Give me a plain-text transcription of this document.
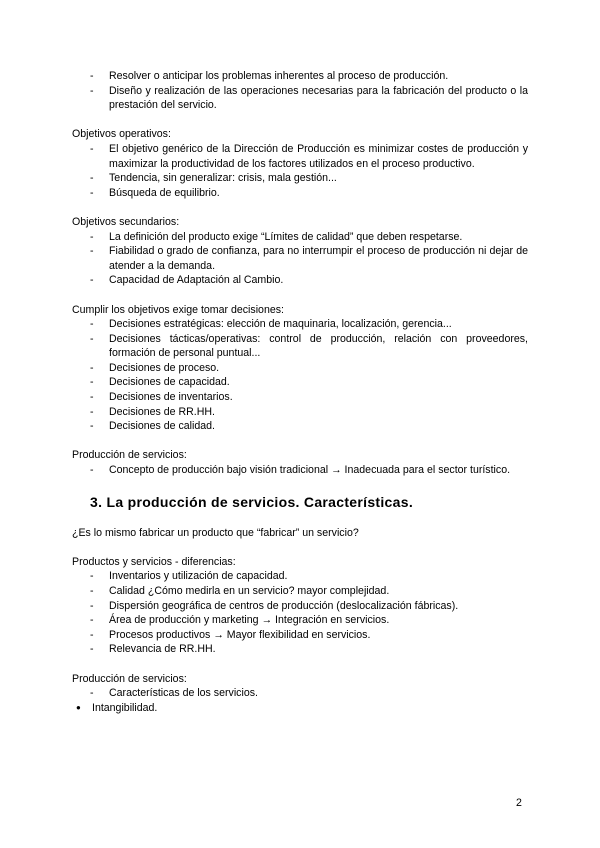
- Resolver o anticipar los problemas inherentes al proceso de producción.
- Diseño y realización de las operaciones necesarias para la fabricación del producto o la prestación del servicio.
Objetivos operativos:
- El objetivo genérico de la Dirección de Producción es minimizar costes de producción y maximizar la productividad de los factores utilizados en el proceso productivo.
- Tendencia, sin generalizar: crisis, mala gestión...
- Búsqueda de equilibrio.
Objetivos secundarios:
- La definición del producto exige “Límites de calidad” que deben respetarse.
- Fiabilidad o grado de confianza, para no interrumpir el proceso de producción ni dejar de atender a la demanda.
- Capacidad de Adaptación al Cambio.
Cumplir los objetivos exige tomar decisiones:
- Decisiones estratégicas: elección de maquinaria, localización, gerencia...
- Decisiones tácticas/operativas: control de producción, relación con proveedores, formación de personal puntual...
- Decisiones de proceso.
- Decisiones de capacidad.
- Decisiones de inventarios.
- Decisiones de RR.HH.
- Decisiones de calidad.
Producción de servicios:
- Concepto de producción bajo visión tradicional → Inadecuada para el sector turístico.
3. La producción de servicios. Características.
¿Es lo mismo fabricar un producto que “fabricar” un servicio?
Productos y servicios - diferencias:
- Inventarios y utilización de capacidad.
- Calidad ¿Cómo medirla en un servicio? mayor complejidad.
- Dispersión geográfica de centros de producción (deslocalización fábricas).
- Área de producción y marketing → Integración en servicios.
- Procesos productivos → Mayor flexibilidad en servicios.
- Relevancia de RR.HH.
Producción de servicios:
- Características de los servicios.
● Intangibilidad.
2
